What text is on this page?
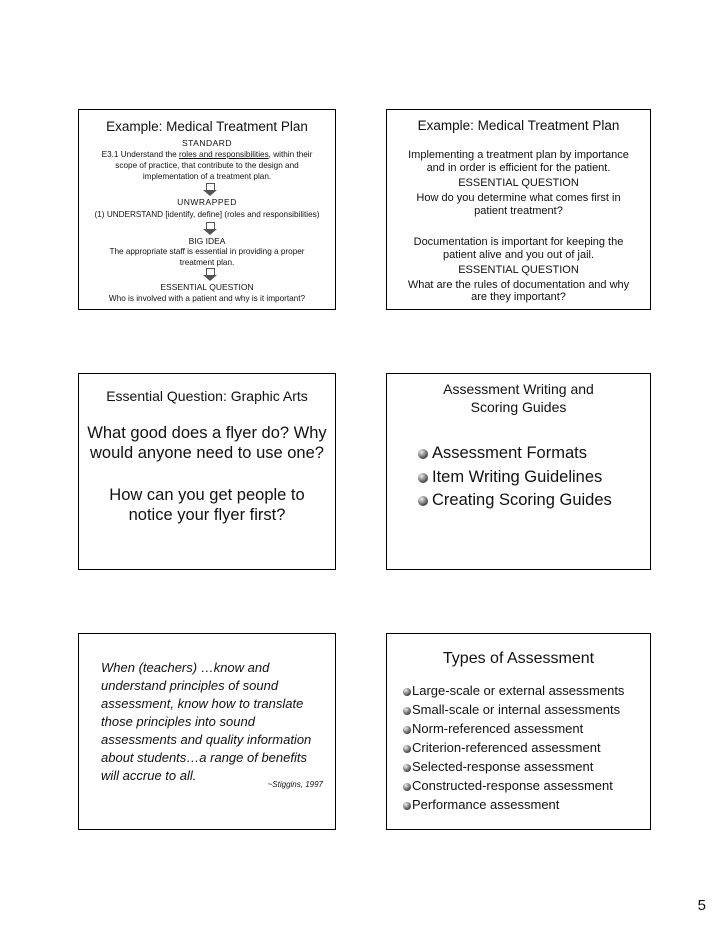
Example: Medical Treatment Plan
STANDARD
E3.1 Understand the roles and responsibilities, within their
scope of practice, that contribute to the design and
implementation of a treatment plan.
UNWRAPPED
(1) UNDERSTAND [identify, define] (roles and responsibilities)
BIG IDEA
The appropriate staff is essential in providing a proper
treatment plan.
ESSENTIAL QUESTION
Who is involved with a patient and why is it important?
Example: Medical Treatment Plan
Implementing a treatment plan by importance
and in order is efficient for the patient.
ESSENTIAL QUESTION
How do you determine what comes first in
patient treatment?
Documentation is important for keeping the
patient alive and you out of jail.
ESSENTIAL QUESTION
What are the rules of documentation and why
are they important?
Essential Question: Graphic Arts
What good does a flyer do? Why
would anyone need to use one?
How can you get people to
notice your flyer first?
Assessment Writing and
Scoring Guides
Assessment Formats
Item Writing Guidelines
Creating Scoring Guides
When (teachers) …know and
understand principles of sound
assessment, know how to translate
those principles into sound
assessments and quality information
about students…a range of benefits
will accrue to all.
~Stiggins, 1997
Types of Assessment
Large-scale or external assessments
Small-scale or internal assessments
Norm-referenced assessment
Criterion-referenced assessment
Selected-response assessment
Constructed-response assessment
Performance assessment
5
